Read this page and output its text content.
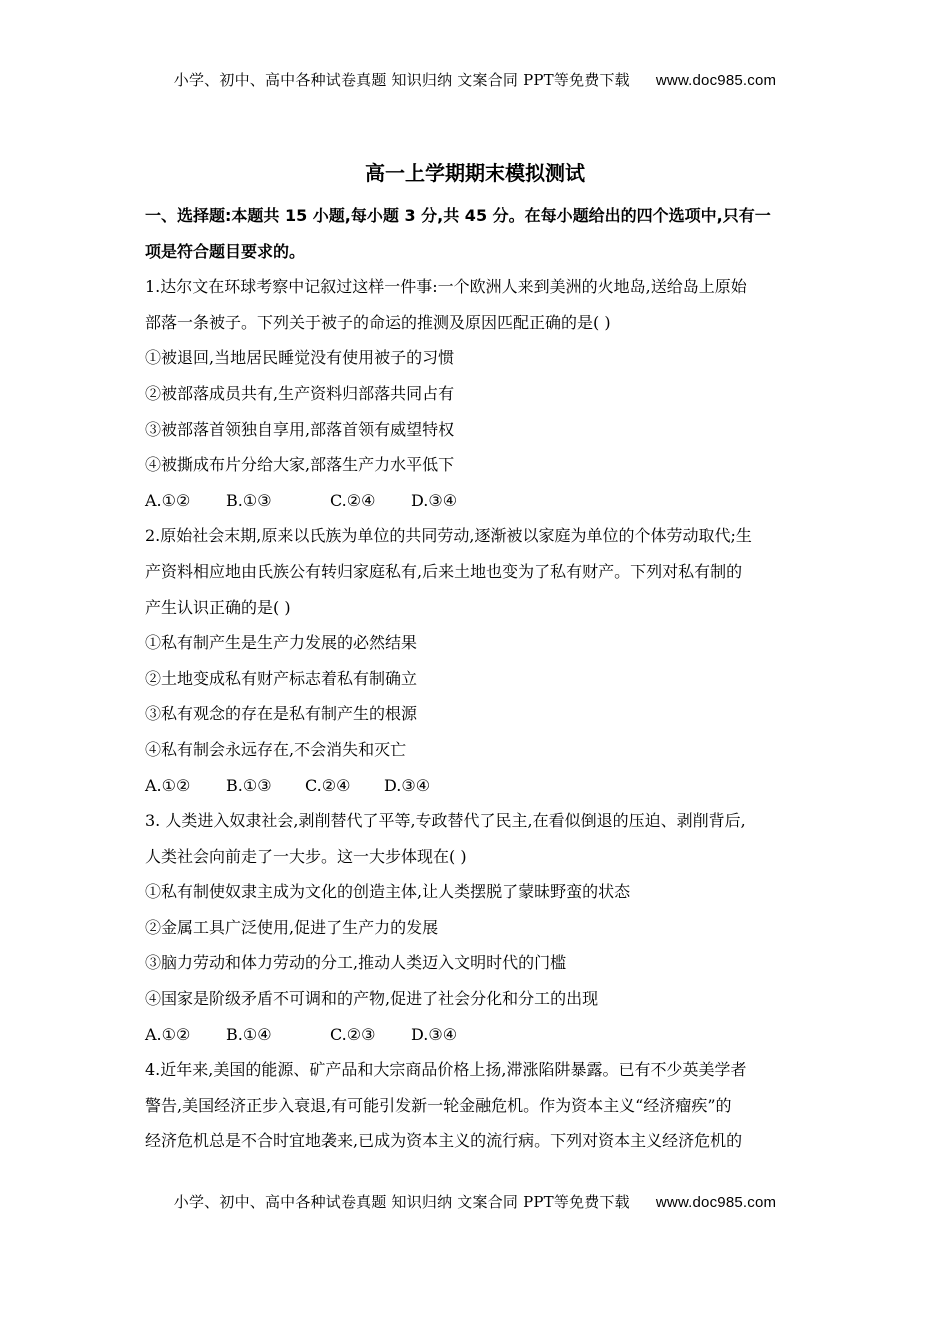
小学、初中、高中各种试卷真题 知识归纳 文案合同 PPT等免费下载 www.doc985.com
高一上学期期末模拟测试
一、选择题:本题共 15 小题,每小题 3 分,共 45 分。在每小题给出的四个选项中,只有一
项是符合题目要求的。
1.达尔文在环球考察中记叙过这样一件事:一个欧洲人来到美洲的火地岛,送给岛上原始
部落一条被子。下列关于被子的命运的推测及原因匹配正确的是( )
①被退回,当地居民睡觉没有使用被子的习惯
②被部落成员共有,生产资料归部落共同占有
③被部落首领独自享用,部落首领有威望特权
④被撕成布片分给大家,部落生产力水平低下
A.①② B.①③	C.②④ D.③④
2.原始社会末期,原来以氏族为单位的共同劳动,逐渐被以家庭为单位的个体劳动取代;生
产资料相应地由氏族公有转归家庭私有,后来土地也变为了私有财产。下列对私有制的
产生认识正确的是( )
①私有制产生是生产力发展的必然结果
②土地变成私有财产标志着私有制确立
③私有观念的存在是私有制产生的根源
④私有制会永远存在,不会消失和灭亡
A.①② B.①③ C.②④ D.③④
3. 人类进入奴隶社会,剥削替代了平等,专政替代了民主,在看似倒退的压迫、剥削背后,
人类社会向前走了一大步。这一大步体现在( )
①私有制使奴隶主成为文化的创造主体,让人类摆脱了蒙昧野蛮的状态
②金属工具广泛使用,促进了生产力的发展
③脑力劳动和体力劳动的分工,推动人类迈入文明时代的门槛
④国家是阶级矛盾不可调和的产物,促进了社会分化和分工的出现
A.①② B.①④	C.②③ D.③④
4.近年来,美国的能源、矿产品和大宗商品价格上扬,滞涨陷阱暴露。已有不少英美学者
警告,美国经济正步入衰退,有可能引发新一轮金融危机。作为资本主义“经济瘤疾”的
经济危机总是不合时宜地袭来,已成为资本主义的流行病。下列对资本主义经济危机的
小学、初中、高中各种试卷真题 知识归纳 文案合同 PPT等免费下载 www.doc985.com
